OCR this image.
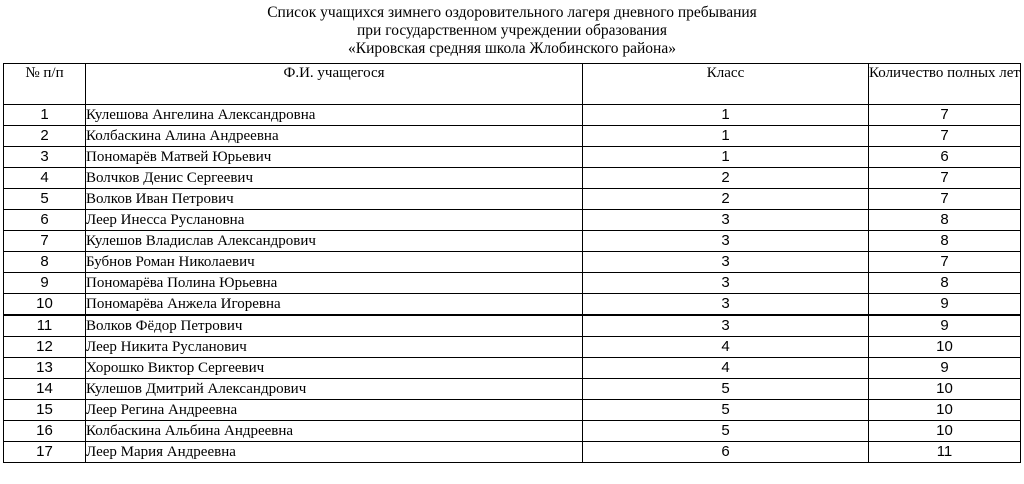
Список учащихся зимнего оздоровительного лагеря дневного пребывания
при государственном учреждении образования
«Кировская средняя школа Жлобинского района»
№ п/п	Ф.И. учащегося	Класс	Количество полных лет
1	Кулешова Ангелина Александровна	1	7
2	Колбаскина Алина Андреевна	1	7
3	Пономарёв Матвей Юрьевич	1	6
4	Волчков Денис Сергеевич	2	7
5	Волков Иван Петрович	2	7
6	Леер Инесса Руслановна	3	8
7	Кулешов Владислав Александрович	3	8
8	Бубнов Роман Николаевич	3	7
9	Пономарёва Полина Юрьевна	3	8
10	Пономарёва Анжела Игоревна	3	9
11	Волков Фёдор Петрович	3	9
12	Леер Никита Русланович	4	10
13	Хорошко Виктор Сергеевич	4	9
14	Кулешов Дмитрий Александрович	5	10
15	Леер Регина Андреевна	5	10
16	Колбаскина Альбина Андреевна	5	10
17	Леер Мария Андреевна	6	11
